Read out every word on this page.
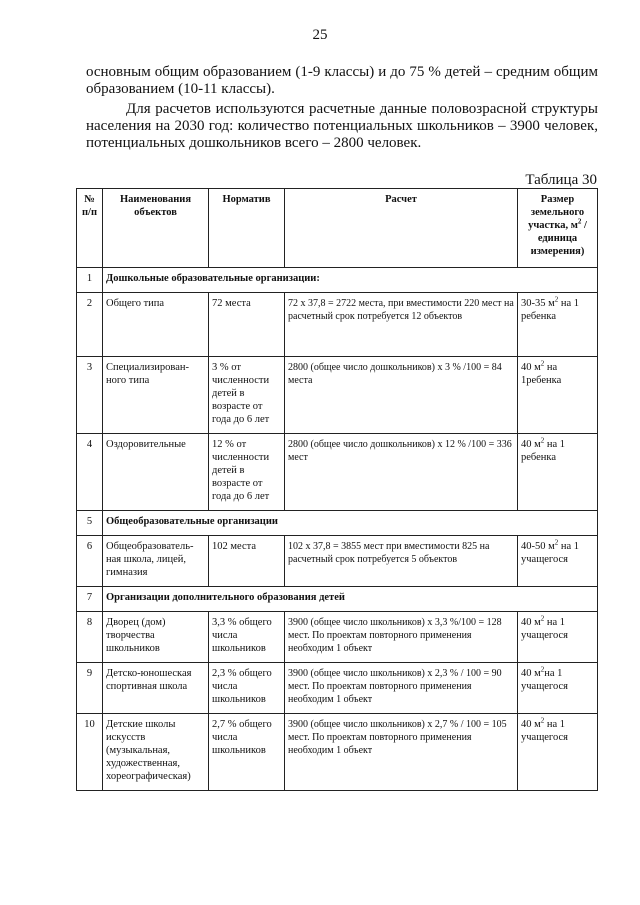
25

основным общим образованием (1-9 классы) и до 75 % детей – средним общим образованием (10-11 классы).

Для расчетов используются расчетные данные половозрасной структуры населения на 2030 год: количество потенциальных школьников – 3900 человек, потенциальных дошкольников всего – 2800 человек.

Таблица 30
№ п/п	Наименования объектов	Норматив	Расчет	Размер земельного участка, $м^2$ / единица измерения)
1	Дошкольные образовательные организации:			
2	Общего типа	72 места	72 х 37,8 = 2722 места, при вместимости 220 мест на расчетный срок потребуется 12 объектов	30-35 $м^2$ на 1 ребенка
3	Специализирован-ного типа	3 % от численности детей в возрасте от года до 6 лет	2800 (общее число дошкольников) х 3 % /100 = 84 места	40 $м^2$ на 1ребенка
4	Оздоровительные	12 % от численности детей в возрасте от года до 6 лет	2800 (общее число дошкольников) х 12 % /100 = 336 мест	40 $м^2$ на 1 ребенка
5	Общеобразовательные организации			
6	Общеобразователь-ная школа, лицей, гимназия	102 места	102 х 37,8 = 3855 мест при вместимости 825 на расчетный срок потребуется 5 объектов	40-50 $м^2$ на 1 учащегося
7	Организации дополнительного образования детей			
8	Дворец (дом) творчества школьников	3,3 % общего числа школьников	3900 (общее число школьников) х 3,3 %/100 = 128 мест. По проектам повторного применения необходим 1 объект	40 $м^2$ на 1 учащегося
9	Детско-юношеская спортивная школа	2,3 % общего числа школьников	3900 (общее число школьников) х 2,3 % / 100 = 90 мест. По проектам повторного применения необходим 1 объект	40 $м^2на$ 1 учащегося
10	Детские школы искусств (музыкальная, художественная, хореографическая)	2,7 % общего числа школьников	3900 (общее число школьников) х 2,7 % / 100 = 105 мест. По проектам повторного применения необходим 1 объект	40 $м^2$ на 1 учащегося
